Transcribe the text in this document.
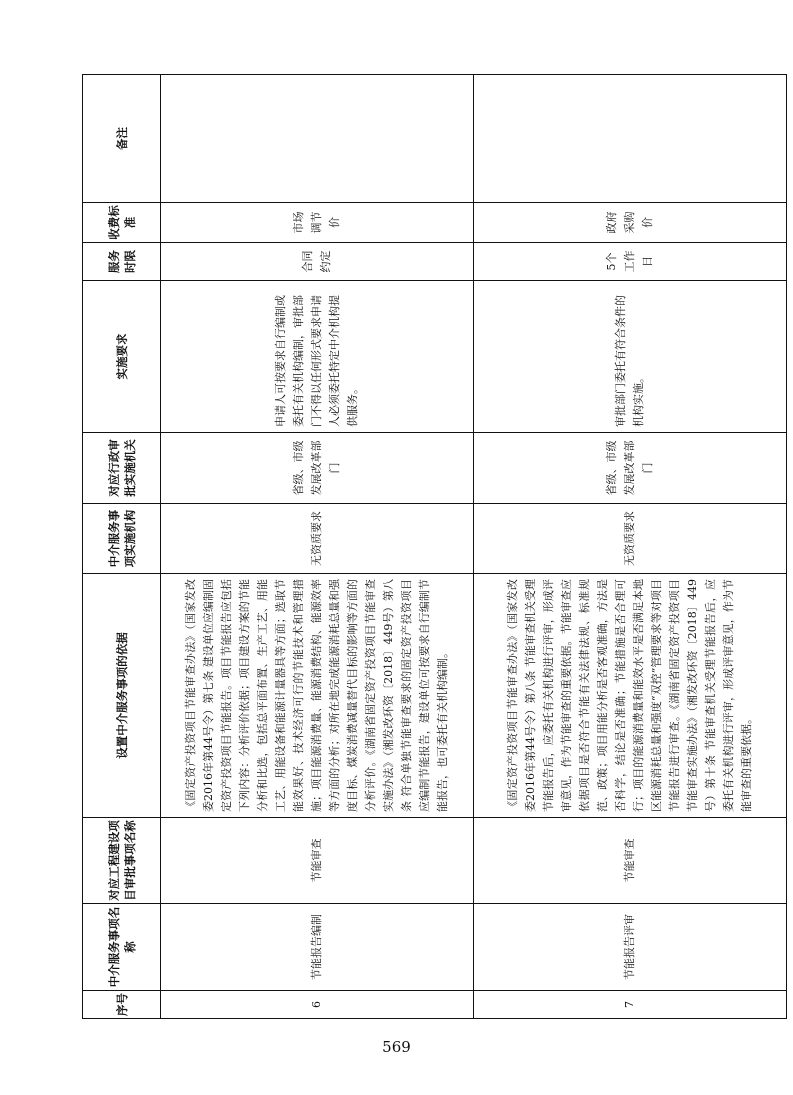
序号	中介服务事项名称	对应工程建设项目审批事项名称	设置中介服务事项的依据	中介服务事项实施机构	对应行政审批实施机关	实施要求	服务时限	收费标准	备注
6	节能报告编制	节能审查	《固定资产投资项目节能审查办法》（国家发改委2016年第44号令）第七条 建设单位应编制固定资产投资项目节能报告。项目节能报告应包括下列内容：分析评价依据；项目建设方案的节能分析和比选，包括总平面布置、生产工艺、用能工艺、用能设备和能源计量器具等方面；选取节能效果好、技术经济可行的节能技术和管理措施；项目能源消费量、能源消费结构、能源效率等方面的分析；对所在地完成能源消耗总量和强度目标、煤炭消费减量替代目标的影响等方面的分析评价。《湖南省固定资产投资项目节能审查实施办法》（湘发改环资〔2018〕449号）第八条 符合单独节能审查要求的固定资产投资项目应编制节能报告，建设单位可按要求自行编制节能报告，也可委托有关机构编制。	无资质要求	省级、市级发展改革部门	申请人可按要求自行编制或委托有关机构编制，审批部门不得以任何形式要求申请人必须委托特定中介机构提供服务。	合同约定	市场调节价	
7	节能报告评审	节能审查	《固定资产投资项目节能审查办法》（国家发改委2016年第44号令）第八条 节能审查机关受理节能报告后，应委托有关机构进行评审，形成评审意见，作为节能审查的重要依据。节能审查应依据项目是否符合节能有关法律法规、标准规范、政策；项目用能分析是否客观准确，方法是否科学，结论是否准确；节能措施是否合理可行；项目的能源消费量和能效水平是否满足本地区能源消耗总量和强度“双控”管理要求等对项目节能报告进行审查。《湖南省固定资产投资项目节能审查实施办法》（湘发改环资〔2018〕449号）第十条 节能审查机关受理节能报告后，应委托有关机构进行评审，形成评审意见，作为节能审查的重要依据。	无资质要求	省级、市级发展改革部门	审批部门委托有符合条件的机构实施。	5个工作日	政府采购价	
569
